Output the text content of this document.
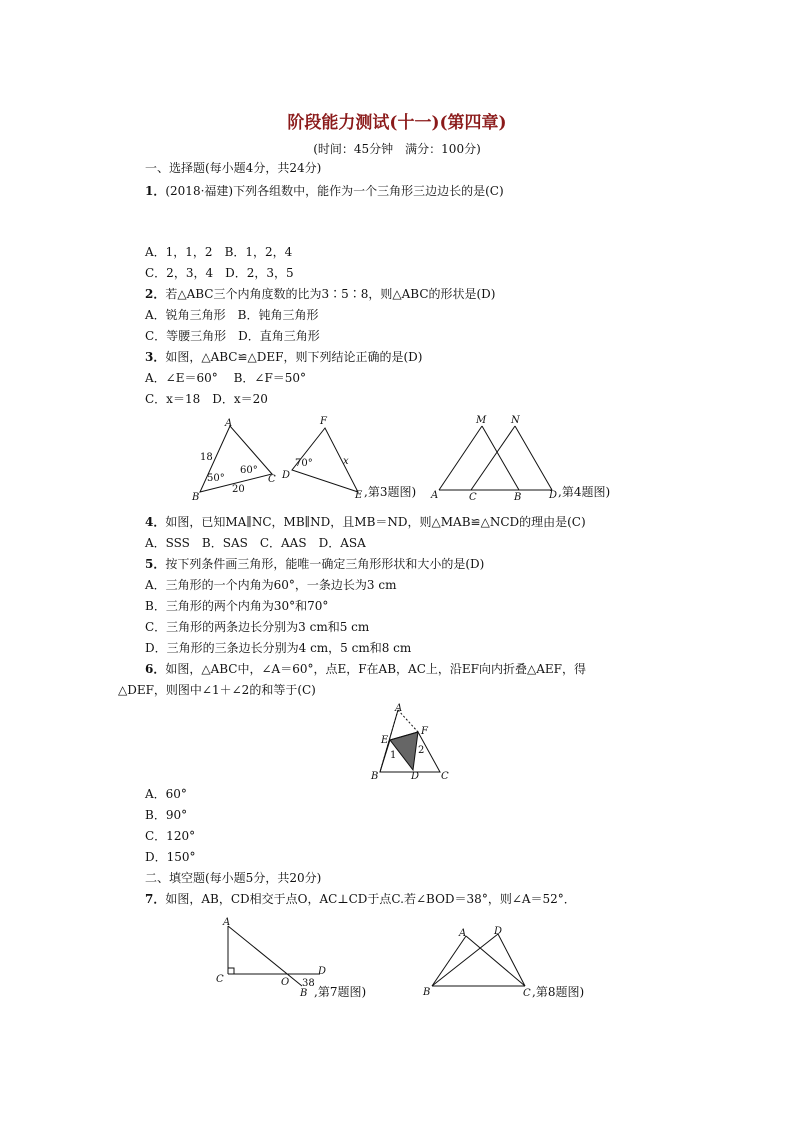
阶段能力测试(十一)(第四章)
(时间：45分钟　满分：100分)
一、选择题(每小题4分，共24分)
1．(2018·福建)下列各组数中，能作为一个三角形三边边长的是(C)
A．1，1，2　B．1，2，4
C．2，3，4　D．2，3，5
2．若△ABC三个内角度数的比为3∶5∶8，则△ABC的形状是(D)
A．锐角三角形　B．钝角三角形
C．等腰三角形　D．直角三角形
3．如图，△ABC≌△DEF，则下列结论正确的是(D)
A．∠E＝60°　 B．∠F＝50°
C．x＝18　D．x＝20
A
B
C
18
20
50°
60°
F
D
E
70°	x
,第3题图)
M N
A	C	B	D ,第4题图)
4．如图，已知MA∥NC，MB∥ND，且MB＝ND，则△MAB≌△NCD的理由是(C)
A．SSS　B．SAS　C．AAS　D．ASA
5．按下列条件画三角形，能唯一确定三角形形状和大小的是(D)
A．三角形的一个内角为60°，一条边长为3 cm
B．三角形的两个内角为30°和70°
C．三角形的两条边长分别为3 cm和5 cm
D．三角形的三条边长分别为4 cm，5 cm和8 cm
6．如图，△ABC中，∠A＝60°，点E，F在AB，AC上，沿EF向内折叠△AEF，得
△DEF，则图中∠1＋∠2的和等于(C)
A
E
F
1 2
B	D C
A．60°
B．90°
C．120°
D．150°
二、填空题(每小题5分，共20分)
7．如图，AB，CD相交于点O，AC⊥CD于点C.若∠BOD＝38°，则∠A＝52°．
A
C	O
D
B
38
,第7题图)
A	D
B	C ,第8题图)
